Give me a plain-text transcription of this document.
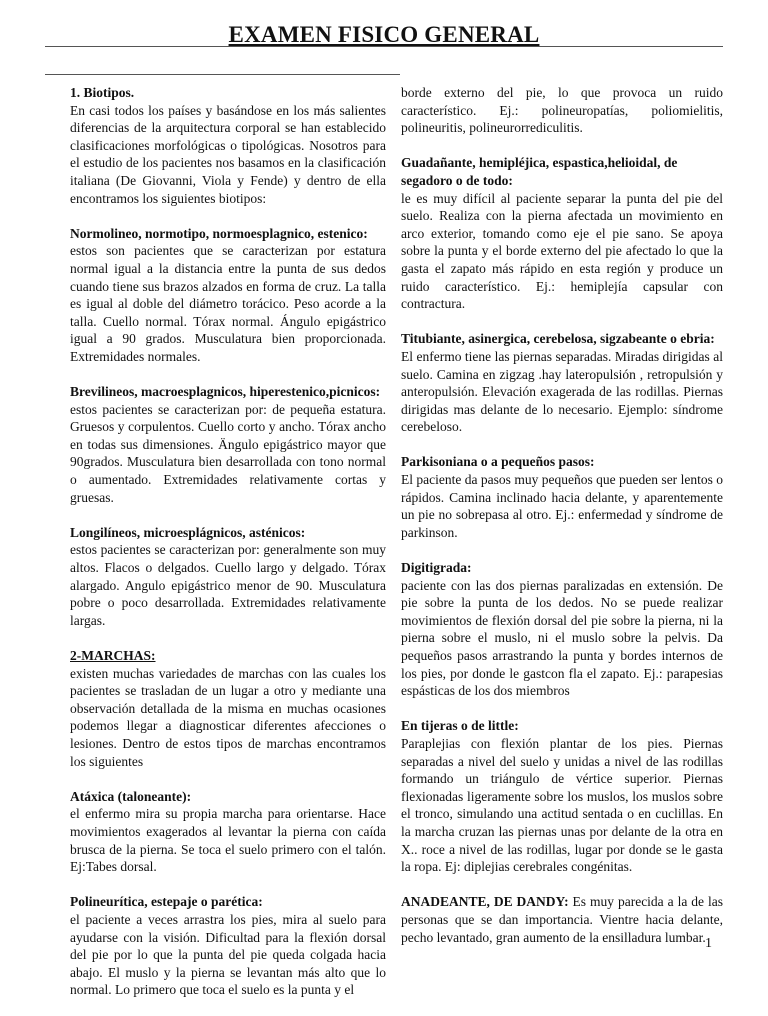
EXAMEN FISICO GENERAL
1. Biotipos.
En casi todos los países y basándose en los más salientes diferencias de la arquitectura corporal se han establecido clasificaciones morfológicas o tipológicas. Nosotros para el estudio de los pacientes nos basamos en la clasificación italiana (De Giovanni, Viola y Fende) y dentro de ella encontramos los siguientes biotipos:
Normolineo, normotipo, normoesplagnico, estenico:
estos son pacientes que se caracterizan por estatura normal igual a la distancia entre la punta de sus dedos cuando tiene sus brazos alzados en forma de cruz. La talla es igual al doble del diámetro torácico. Peso acorde a la talla. Cuello normal. Tórax normal. Ángulo epigástrico igual a 90 grados. Musculatura bien proporcionada. Extremidades normales.
Brevilineos, macroesplagnicos, hiperestenico,picnicos:
estos pacientes se caracterizan por: de pequeña estatura. Gruesos y corpulentos. Cuello corto y ancho. Tórax ancho en todas sus dimensiones. Ängulo epigástrico mayor que 90grados. Musculatura bien desarrollada con tono normal o aumentado. Extremidades relativamente cortas y gruesas.
Longilíneos, microesplágnicos, asténicos:
estos pacientes se caracterizan por: generalmente son muy altos. Flacos o delgados. Cuello largo y delgado. Tórax alargado. Angulo epigástrico menor de 90. Musculatura pobre o poco desarrollada. Extremidades relativamente largas.
2-MARCHAS:
existen muchas variedades de marchas con las cuales los pacientes se trasladan de un lugar a otro y mediante una observación detallada de la misma en muchas ocasiones podemos llegar a diagnosticar diferentes afecciones o lesiones. Dentro de estos tipos de marchas encontramos los siguientes
Atáxica (taloneante):
el enfermo mira su propia marcha para orientarse. Hace movimientos exagerados al levantar la pierna con caída brusca de la pierna. Se toca el suelo primero con el talón. Ej:Tabes dorsal.
Polineurítica, estepaje o parética:
el paciente a veces arrastra los pies, mira al suelo para ayudarse con la visión. Dificultad para la flexión dorsal del pie por lo que la punta del pie queda colgada hacia abajo. El muslo y la pierna se levantan más alto que lo normal. Lo primero que toca el suelo es la punta y el
borde externo del pie, lo que provoca un ruido característico. Ej.: polineuropatías, poliomielitis, polineuritis, polineurorrediculitis.
Guadañante, hemipléjica, espastica,helioidal, de segadoro o de todo:
le es muy difícil al paciente separar la punta del pie del suelo. Realiza con la pierna afectada un movimiento en arco exterior, tomando como eje el pie sano. Se apoya sobre la punta y el borde externo del pie afectado lo que la gasta el zapato más rápido en esta región y produce un ruido característico. Ej.: hemiplejía capsular con contractura.
Titubiante, asinergica, cerebelosa, sigzabeante o ebria:
El enfermo tiene las piernas separadas. Miradas dirigidas al suelo. Camina en zigzag .hay lateropulsión , retropulsión y anteropulsión. Elevación exagerada de las rodillas. Piernas dirigidas mas delante de lo necesario. Ejemplo: síndrome cerebeloso.
Parkisoniana o a pequeños pasos:
El paciente da pasos muy pequeños que pueden ser lentos o rápidos. Camina inclinado hacia delante, y aparentemente un pie no sobrepasa al otro. Ej.: enfermedad y síndrome de parkinson.
Digitigrada:
paciente con las dos piernas paralizadas en extensión. De pie sobre la punta de los dedos. No se puede realizar movimientos de flexión dorsal del pie sobre la pierna, ni la pierna sobre el muslo, ni el muslo sobre la pelvis. Da pequeños pasos arrastrando la punta y bordes internos de los pies, por donde le gastcon fla el zapato. Ej.: parapesias espásticas de los dos miembros
En tijeras o de little:
Paraplejias con flexión plantar de los pies. Piernas separadas a nivel del suelo y unidas a nivel de las rodillas formando un triángulo de vértice superior. Piernas flexionadas ligeramente sobre los muslos, los muslos sobre el tronco, simulando una actitud sentada o en cuclillas. En la marcha cruzan las piernas unas por delante de la otra en X.. roce a nivel de las rodillas, lugar por donde se le gasta la ropa. Ej: diplejias cerebrales congénitas.
ANADEANTE, DE DANDY: Es muy parecida a la de las personas que se dan importancia. Vientre hacia delante, pecho levantado, gran aumento de la ensilladura lumbar. 1
